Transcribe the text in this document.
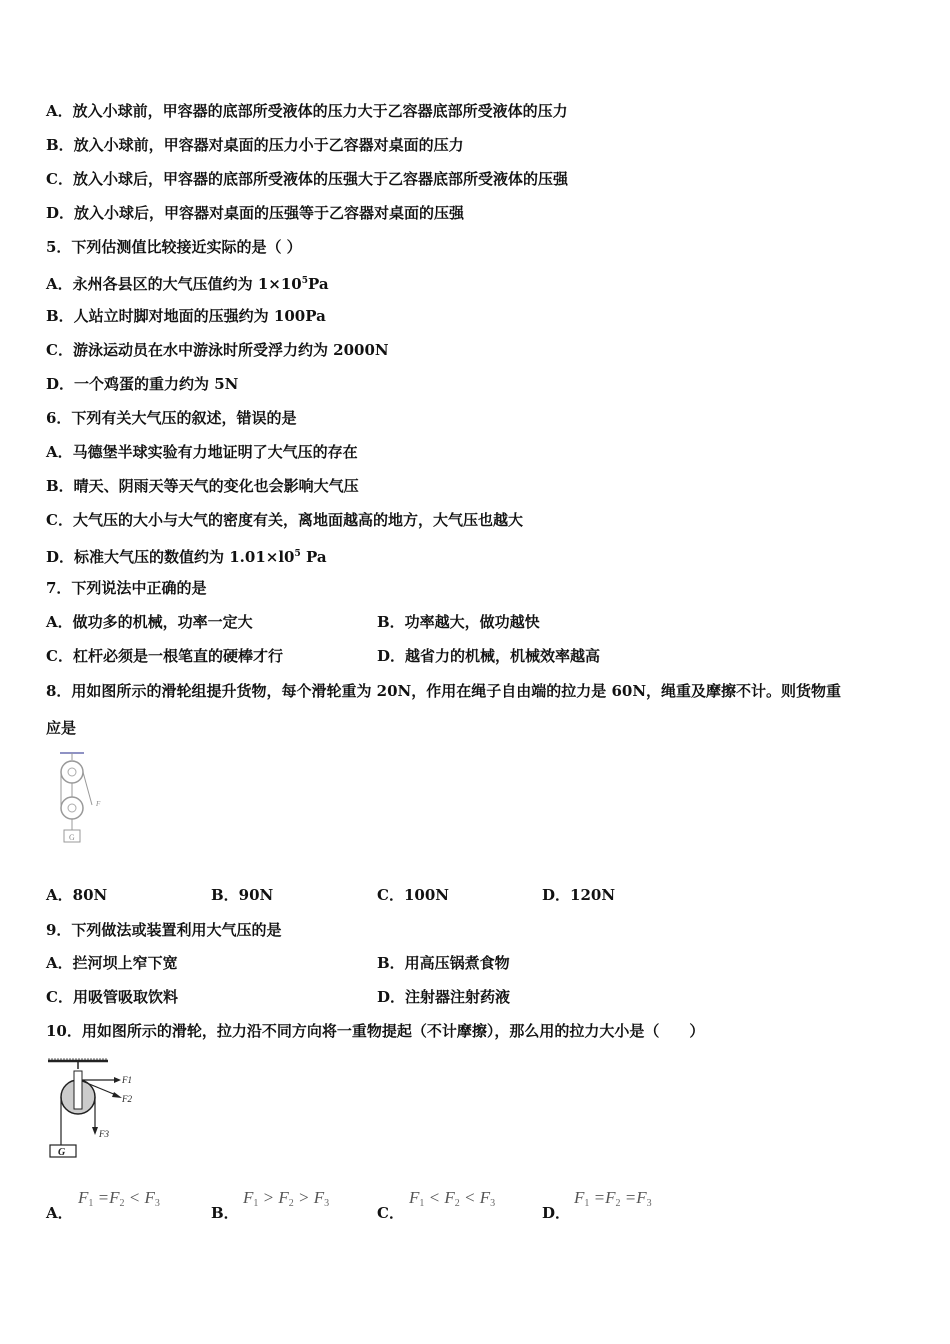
A．放入小球前，甲容器的底部所受液体的压力大于乙容器底部所受液体的压力
B．放入小球前，甲容器对桌面的压力小于乙容器对桌面的压力
C．放入小球后，甲容器的底部所受液体的压强大于乙容器底部所受液体的压强
D．放入小球后，甲容器对桌面的压强等于乙容器对桌面的压强
5．下列估测值比较接近实际的是（ ）
A．永州各县区的大气压值约为 $1\times 10^5Pa$
B．人站立时脚对地面的压强约为 100Pa
C．游泳运动员在水中游泳时所受浮力约为 2000N
D．一个鸡蛋的重力约为 5N
6．下列有关大气压的叙述，错误的是
A．马德堡半球实验有力地证明了大气压的存在
B．晴天、阴雨天等天气的变化也会影响大气压
C．大气压的大小与大气的密度有关，离地面越高的地方，大气压也越大
D．标准大气压的数值约为 $1.01\times l0^5$ Pa
7．下列说法中正确的是
A．做功多的机械，功率一定大	B．功率越大，做功越快
C．杠杆必须是一根笔直的硬棒才行	D．越省力的机械，机械效率越高
8．用如图所示的滑轮组提升货物，每个滑轮重为 20N，作用在绳子自由端的拉力是 60N，绳重及摩擦不计。则货物重
应是
F
G
A．80N	B．90N	C．100N	D．120N
9．下列做法或装置利用大气压的是
A．拦河坝上窄下宽	B．用高压锅煮食物
C．用吸管吸取饮料	D．注射器注射药液
10．用如图所示的滑轮，拉力沿不同方向将一重物提起（不计摩擦），那么用的拉力大小是（　　）
G
F1
F2
F3
A．
$F_1 =F_2 < F_3$
B．
$F_1 > F_2 > F_3$
C．
$F_1 < F_2 < F_3$
D．
$F_1 =F_2 =F_3$
